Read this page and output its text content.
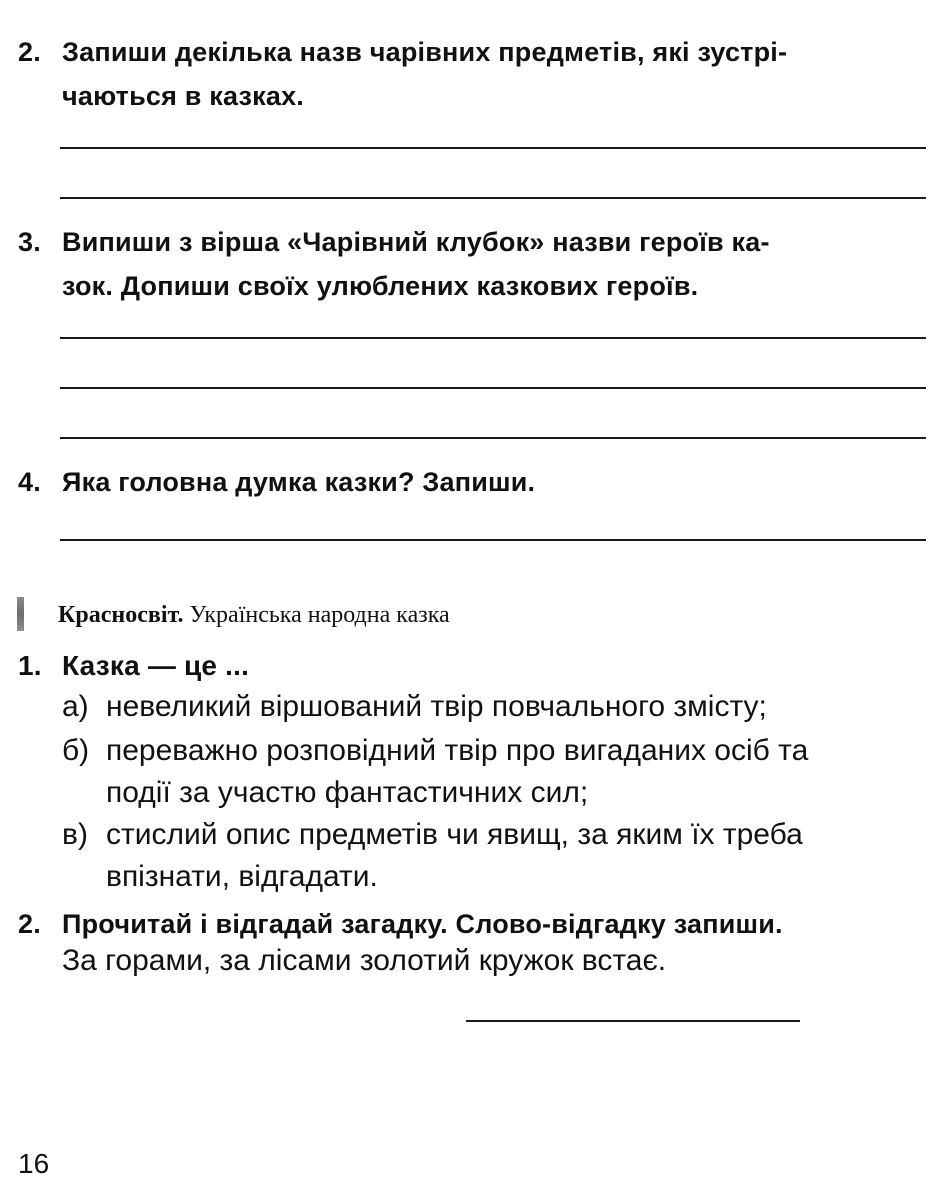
2. Запиши декілька назв чарівних предметів, які зустрі-
чаються в казках.
3. Випиши з вірша «Чарівний клубок» назви героїв ка-
зок. Допиши своїх улюблених казкових героїв.
4. Яка головна думка казки? Запиши.
Красносвіт. Українська народна казка
1. Казка — це ...
а) невеликий віршований твір повчального змісту;
б) переважно розповідний твір про вигаданих осіб та
події за участю фантастичних сил;
в) стислий опис предметів чи явищ, за яким їх треба
впізнати, відгадати.
2. Прочитай і відгадай загадку. Слово-відгадку запиши.
За горами, за лісами золотий кружок встає.
16
